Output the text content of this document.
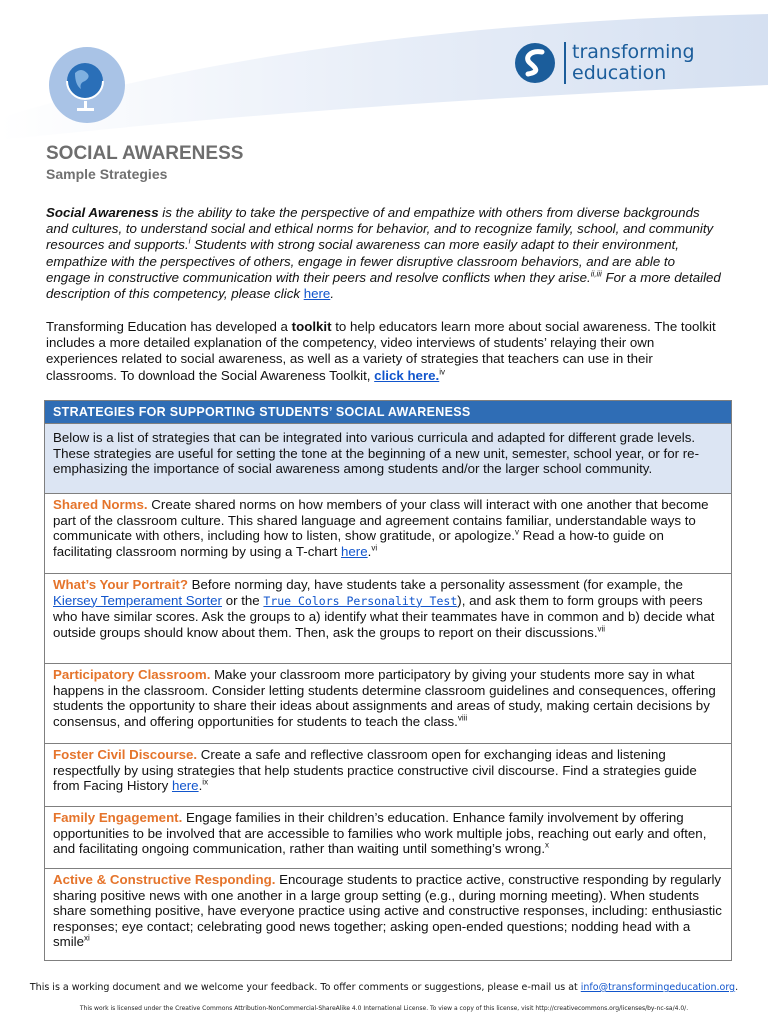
transforming
education
SOCIAL AWARENESS
Sample Strategies
Social Awareness is the ability to take the perspective of and empathize with others from diverse backgrounds and cultures, to understand social and ethical norms for behavior, and to recognize family, school, and community resources and supports.$^i$ Students with strong social awareness can more easily adapt to their environment, empathize with the perspectives of others, engage in fewer disruptive classroom behaviors, and are able to engage in constructive communication with their peers and resolve conflicts when they arise.$^{ii,iii}$ For a more detailed description of this competency, please click here.
Transforming Education has developed a toolkit to help educators learn more about social awareness. The toolkit includes a more detailed explanation of the competency, video interviews of students’ relaying their own experiences related to social awareness, as well as a variety of strategies that teachers can use in their classrooms. To download the Social Awareness Toolkit, click here.$^{iv}$
STRATEGIES FOR SUPPORTING STUDENTS’ SOCIAL AWARENESS
Below is a list of strategies that can be integrated into various curricula and adapted for different grade levels. These strategies are useful for setting the tone at the beginning of a new unit, semester, school year, or for re-emphasizing the importance of social awareness among students and/or the larger school community.
Shared Norms. Create shared norms on how members of your class will interact with one another that become part of the classroom culture. This shared language and agreement contains familiar, understandable ways to communicate with others, including how to listen, show gratitude, or apologize.$^v$ Read a how-to guide on facilitating classroom norming by using a T-chart here.$^{vi}$
What’s Your Portrait? Before norming day, have students take a personality assessment (for example, the Kiersey Temperament Sorter or the True Colors Personality Test), and ask them to form groups with peers who have similar scores. Ask the groups to a) identify what their teammates have in common and b) decide what outside groups should know about them. Then, ask the groups to report on their discussions.$^{vii}$
Participatory Classroom. Make your classroom more participatory by giving your students more say in what happens in the classroom. Consider letting students determine classroom guidelines and consequences, offering students the opportunity to share their ideas about assignments and areas of study, making certain decisions by consensus, and offering opportunities for students to teach the class.$^{viii}$
Foster Civil Discourse. Create a safe and reflective classroom open for exchanging ideas and listening respectfully by using strategies that help students practice constructive civil discourse. Find a strategies guide from Facing History here.$^{ix}$
Family Engagement. Engage families in their children’s education. Enhance family involvement by offering opportunities to be involved that are accessible to families who work multiple jobs, reaching out early and often, and facilitating ongoing communication, rather than waiting until something’s wrong.$^x$
Active & Constructive Responding. Encourage students to practice active, constructive responding by regularly sharing positive news with one another in a large group setting (e.g., during morning meeting). When students share something positive, have everyone practice using active and constructive responses, including: enthusiastic responses; eye contact; celebrating good news together; asking open-ended questions; nodding head with a smile$^{xi}$
This is a working document and we welcome your feedback. To offer comments or suggestions, please e-mail us at info@transformingeducation.org.
This work is licensed under the Creative Commons Attribution-NonCommercial-ShareAlike 4.0 International License. To view a copy of this license, visit http://creativecommons.org/licenses/by-nc-sa/4.0/.
